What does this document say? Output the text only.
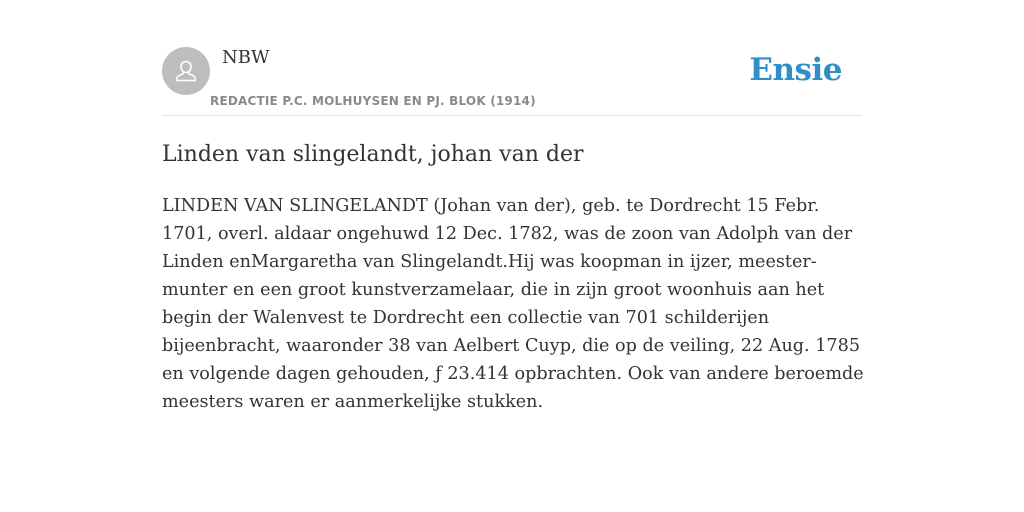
NBW
REDACTIE P.C. MOLHUYSEN EN PJ. BLOK (1914)
Ensie
Linden van slingelandt, johan van der

LINDEN VAN SLINGELANDT (Johan van der), geb. te Dordrecht 15 Febr. 1701, overl. aldaar ongehuwd 12 Dec. 1782, was de zoon van Adolph van der Linden enMargaretha van Slingelandt.Hij was koopman in ijzer, meester-munter en een groot kunstverzamelaar, die in zijn groot woonhuis aan het begin der Walenvest te Dordrecht een collectie van 701 schilderijen bijeenbracht, waaronder 38 van Aelbert Cuyp, die op de veiling, 22 Aug. 1785 en volgende dagen gehouden, ƒ 23.414 opbrachten. Ook van andere beroemde meesters waren er aanmerkelijke stukken.
